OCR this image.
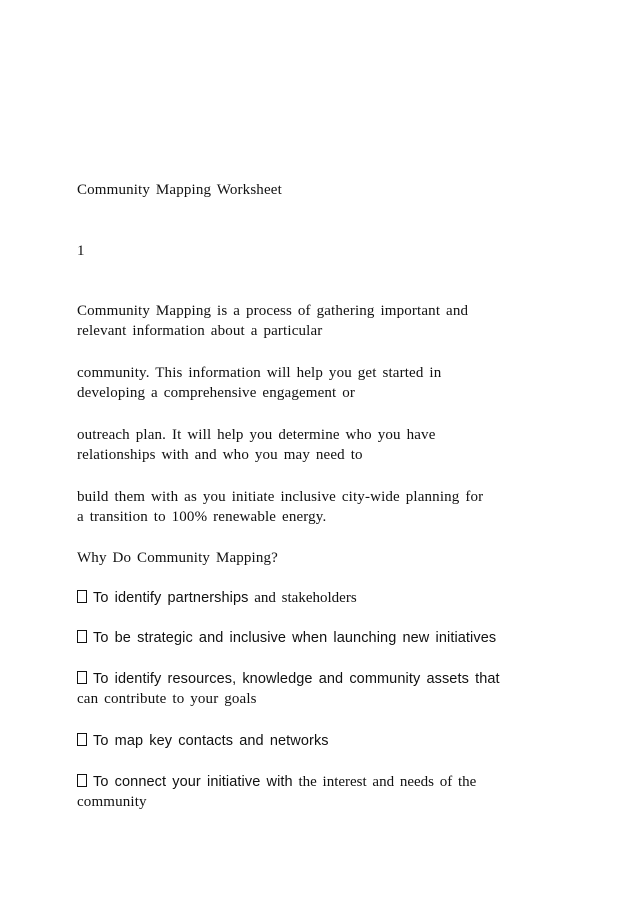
Community Mapping Worksheet
1
Community Mapping is a process of gathering important and
relevant information about a particular
community. This information will help you get started in
developing a comprehensive engagement or
outreach plan. It will help you determine who you have
relationships with and who you may need to
build them with as you initiate inclusive city-wide planning for
a transition to 100% renewable energy.
Why Do Community Mapping?
To identify partnerships and stakeholders
To be strategic and inclusive when launching new initiatives
To identify resources, knowledge and community assets that
can contribute to your goals
To map key contacts and networks
To connect your initiative with the interest and needs of the
community
